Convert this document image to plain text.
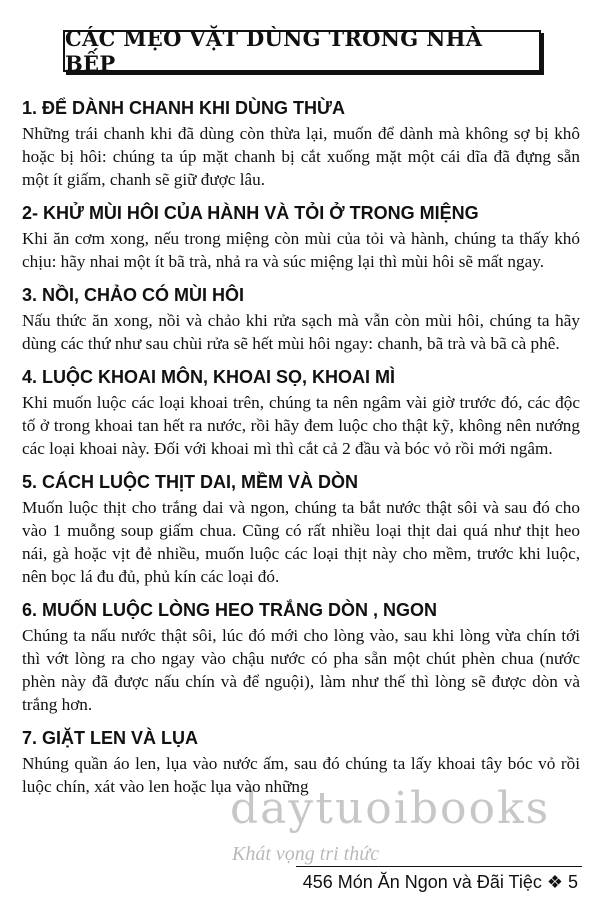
CÁC MẸO VẶT DÙNG TRONG NHÀ BẾP
1. ĐỂ DÀNH CHANH KHI DÙNG THỪA

Những trái chanh khi đã dùng còn thừa lại, muốn để dành mà không sợ bị khô hoặc bị hôi: chúng ta úp mặt chanh bị cắt xuống mặt một cái dĩa đã đựng sẵn một ít giấm, chanh sẽ giữ được lâu.

2- KHỬ MÙI HÔI CỦA HÀNH VÀ TỎI Ở TRONG MIỆNG

Khi ăn cơm xong, nếu trong miệng còn mùi của tỏi và hành, chúng ta thấy khó chịu: hãy nhai một ít bã trà, nhả ra và súc miệng lại thì mùi hôi sẽ mất ngay.

3. NỒI, CHẢO CÓ MÙI HÔI

Nấu thức ăn xong, nồi và chảo khi rửa sạch mà vẫn còn mùi hôi, chúng ta hãy dùng các thứ như sau chùi rửa sẽ hết mùi hôi ngay: chanh, bã trà và bã cà phê.

4. LUỘC KHOAI MÔN, KHOAI SỌ, KHOAI MÌ

Khi muốn luộc các loại khoai trên, chúng ta nên ngâm vài giờ trước đó, các độc tố ở trong khoai tan hết ra nước, rồi hãy đem luộc cho thật kỹ, không nên nướng các loại khoai này. Đối với khoai mì thì cắt cả 2 đầu và bóc vỏ rồi mới ngâm.

5. CÁCH LUỘC THỊT DAI, MỀM VÀ DÒN

Muốn luộc thịt cho trắng dai và ngon, chúng ta bắt nước thật sôi và sau đó cho vào 1 muỗng soup giấm chua. Cũng có rất nhiều loại thịt dai quá như thịt heo nái, gà hoặc vịt đẻ nhiều, muốn luộc các loại thịt này cho mềm, trước khi luộc, nên bọc lá đu đủ, phủ kín các loại đó.

6. MUỐN LUỘC LÒNG HEO TRẮNG DÒN , NGON

Chúng ta nấu nước thật sôi, lúc đó mới cho lòng vào, sau khi lòng vừa chín tới thì vớt lòng ra cho ngay vào chậu nước có pha sẵn một chút phèn chua (nước phèn này đã được nấu chín và để nguội), làm như thế thì lòng sẽ được dòn và trắng hơn.

7. GIẶT LEN VÀ LỤA

Nhúng quần áo len, lụa vào nước ấm, sau đó chúng ta lấy khoai tây bóc vỏ rồi luộc chín, xát vào len hoặc lụa vào những

daytuoibooks
Khát vọng tri thức
456 Món Ăn Ngon và Đãi Tiệc ❖ 5
